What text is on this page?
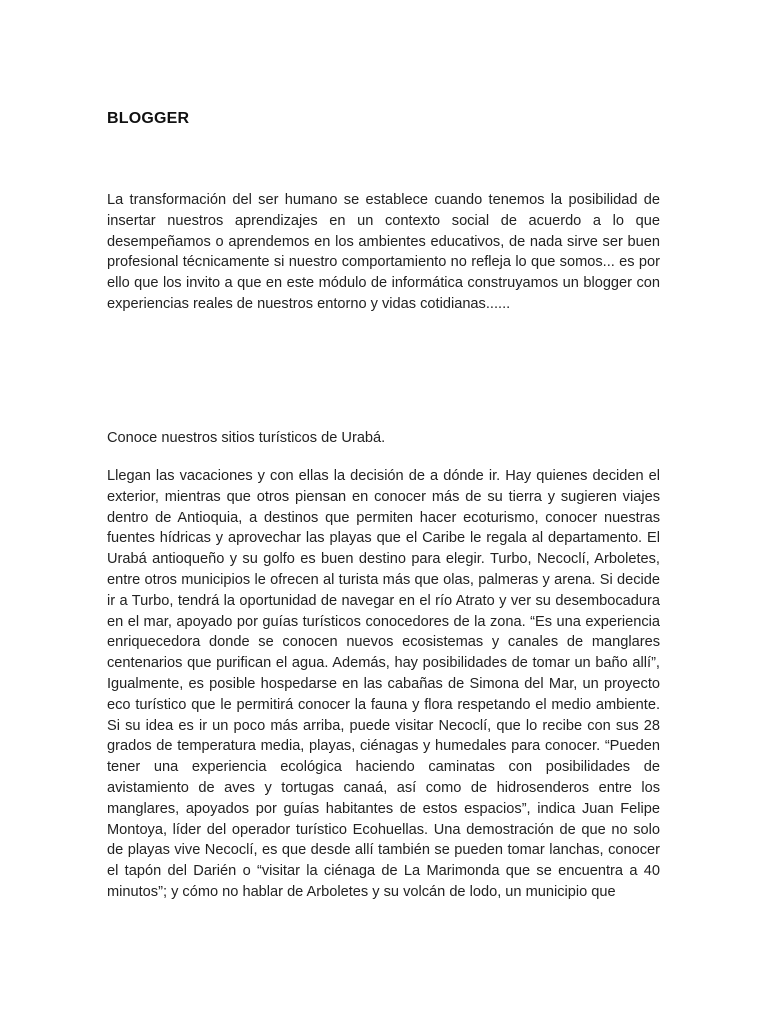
BLOGGER
La transformación del ser humano se establece cuando tenemos la posibilidad de insertar nuestros aprendizajes en un contexto social de acuerdo a lo que desempeñamos o aprendemos en los ambientes educativos, de nada sirve ser buen profesional técnicamente si nuestro comportamiento no refleja lo que somos... es por ello que los invito a que en este módulo de informática construyamos un blogger con experiencias reales de nuestros entorno y vidas cotidianas......
Conoce nuestros sitios turísticos de Urabá.
Llegan las vacaciones y con ellas la decisión de a dónde ir. Hay quienes deciden el exterior, mientras que otros piensan en conocer más de su tierra y sugieren viajes dentro de Antioquia, a destinos que permiten hacer ecoturismo, conocer nuestras fuentes hídricas y aprovechar las playas que el Caribe le regala al departamento. El Urabá antioqueño y su golfo es buen destino para elegir. Turbo, Necoclí, Arboletes, entre otros municipios le ofrecen al turista más que olas, palmeras y arena. Si decide ir a Turbo, tendrá la oportunidad de navegar en el río Atrato y ver su desembocadura en el mar, apoyado por guías turísticos conocedores de la zona. “Es una experiencia enriquecedora donde se conocen nuevos ecosistemas y canales de manglares centenarios que purifican el agua. Además, hay posibilidades de tomar un baño allí”, Igualmente, es posible hospedarse en las cabañas de Simona del Mar, un proyecto eco turístico que le permitirá conocer la fauna y flora respetando el medio ambiente. Si su idea es ir un poco más arriba, puede visitar Necoclí, que lo recibe con sus 28 grados de temperatura media, playas, ciénagas y humedales para conocer. “Pueden tener una experiencia ecológica haciendo caminatas con posibilidades de avistamiento de aves y tortugas canaá, así como de hidrosenderos entre los manglares, apoyados por guías habitantes de estos espacios”, indica Juan Felipe Montoya, líder del operador turístico Ecohuellas. Una demostración de que no solo de playas vive Necoclí, es que desde allí también se pueden tomar lanchas, conocer el tapón del Darién o “visitar la ciénaga de La Marimonda que se encuentra a 40 minutos”; y cómo no hablar de Arboletes y su volcán de lodo, un municipio que
